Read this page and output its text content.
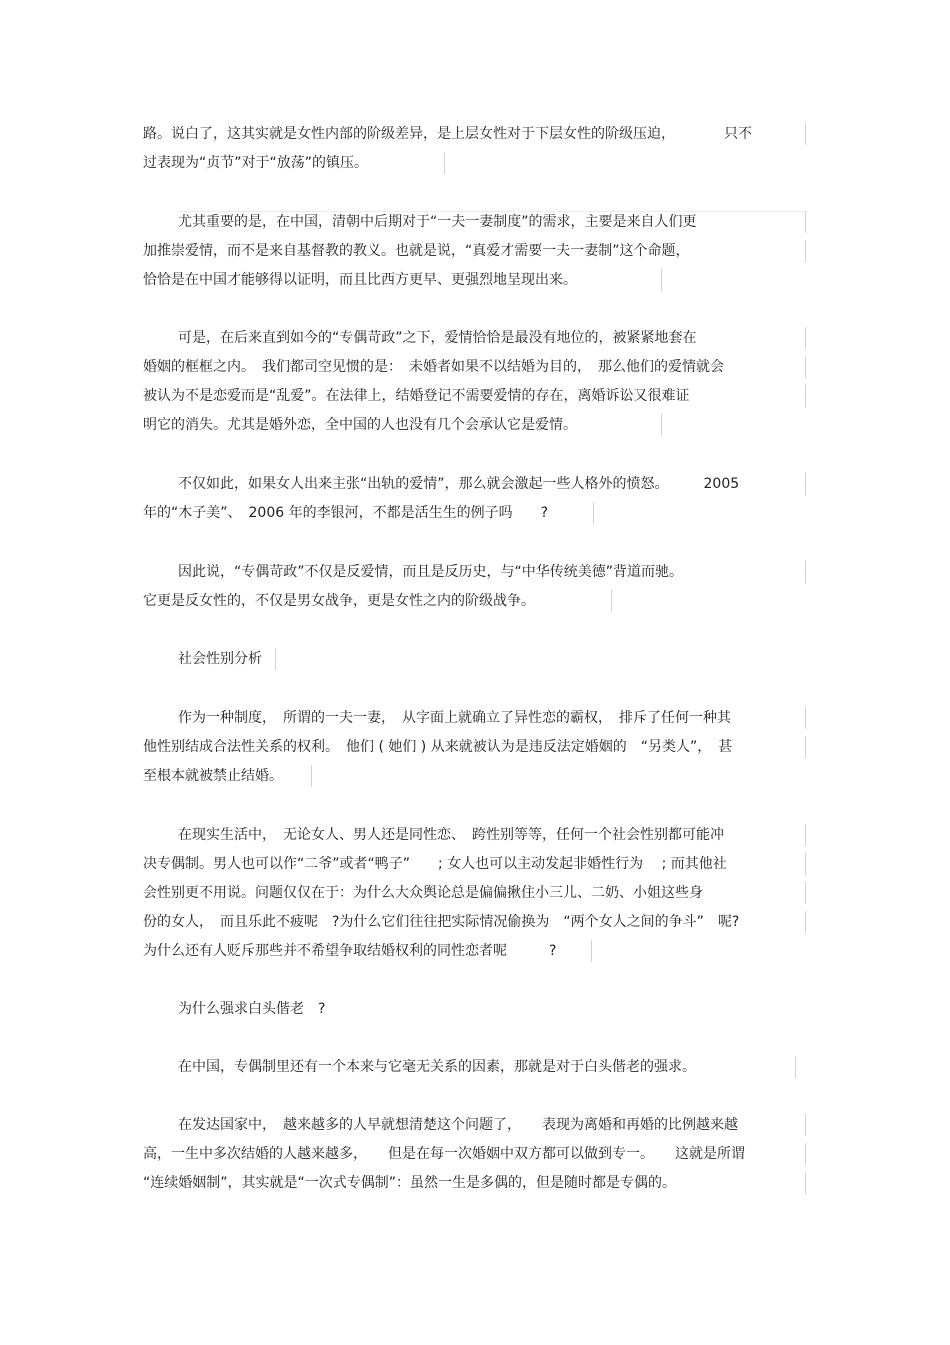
路。说白了，这其实就是女性内部的阶级差异，是上层女性对于下层女性的阶级压迫，　　　　只不
过表现为“贞节”对于“放荡”的镇压。
尤其重要的是，在中国，清朝中后期对于“一夫一妻制度”的需求，主要是来自人们更
加推崇爱情，而不是来自基督教的教义。也就是说，“真爱才需要一夫一妻制”这个命题，
恰恰是在中国才能够得以证明，而且比西方更早、更强烈地呈现出来。
可是，在后来直到如今的“专偶苛政”之下，爱情恰恰是最没有地位的，被紧紧地套在
婚姻的框框之内。　我们都司空见惯的是：　未婚者如果不以结婚为目的，　那么他们的爱情就会
被认为不是恋爱而是“乱爱”。在法律上，结婚登记不需要爱情的存在，离婚诉讼又很难证
明它的消失。尤其是婚外恋，全中国的人也没有几个会承认它是爱情。
不仅如此，如果女人出来主张“出轨的爱情”，那么就会激起一些人格外的愤怒。　　　2005
年的“木子美”、　2006 年的李银河，不都是活生生的例子吗　　?
因此说，“专偶苛政”不仅是反爱情，而且是反历史，与“中华传统美德”背道而驰。
它更是反女性的，不仅是男女战争，更是女性之内的阶级战争。
社会性别分析
作为一种制度，　所谓的一夫一妻，　从字面上就确立了异性恋的霸权，　排斥了任何一种其
他性别结成合法性关系的权利。　他们 ( 她们 ) 从来就被认为是违反法定婚姻的　“另类人”，　甚
至根本就被禁止结婚。
在现实生活中，　无论女人、男人还是同性恋、　跨性别等等，任何一个社会性别都可能冲
决专偶制。男人也可以作“二爷”或者“鸭子”　　; 女人也可以主动发起非婚性行为　 ; 而其他社
会性别更不用说。问题仅仅在于：为什么大众舆论总是偏偏揪住小三儿、二奶、小姐这些身
份的女人，　而且乐此不疲呢　?为什么它们往往把实际情况偷换为　“两个女人之间的争斗”　呢?
为什么还有人贬斥那些并不希望争取结婚权利的同性恋者呢　　　?
为什么强求白头偕老　?
在中国，专偶制里还有一个本来与它毫无关系的因素，那就是对于白头偕老的强求。
在发达国家中，　越来越多的人早就想清楚这个问题了，　　表现为离婚和再婚的比例越来越
高，一生中多次结婚的人越来越多，　　但是在每一次婚姻中双方都可以做到专一。　　这就是所谓
“连续婚姻制”，其实就是“一次式专偶制”：虽然一生是多偶的，但是随时都是专偶的。
